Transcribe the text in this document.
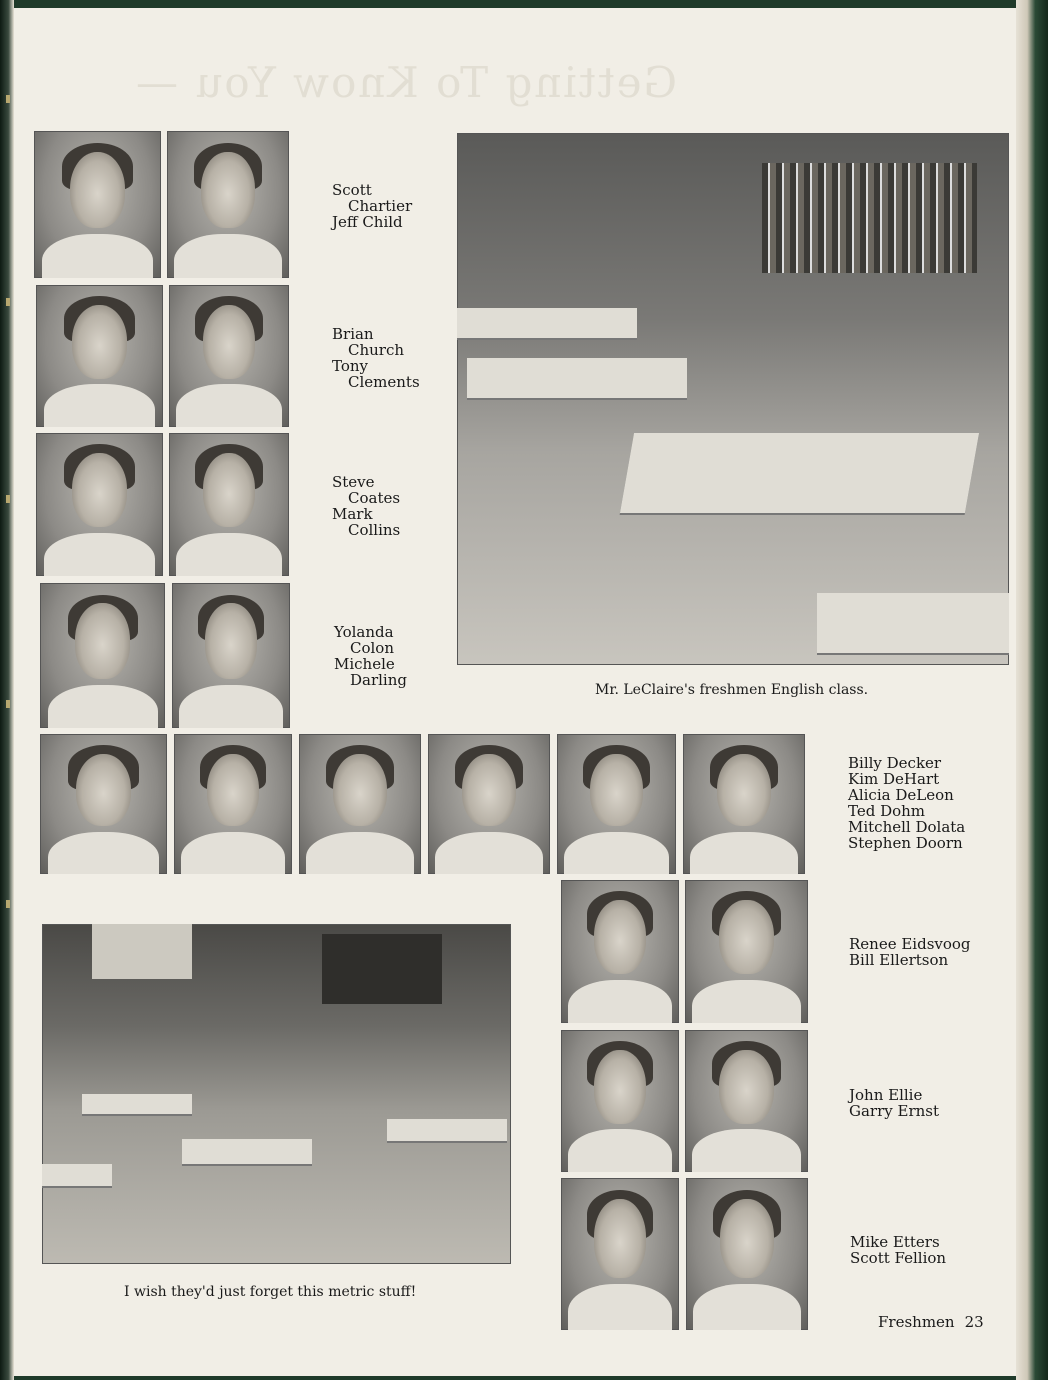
Getting To Know You —
Scott
Chartier
Jeff Child
Brian
Church
Tony
Clements
Steve
Coates
Mark
Collins
Yolanda
Colon
Michele
Darling
Mr. LeClaire's freshmen English class.
Billy Decker
Kim DeHart
Alicia DeLeon
Ted Dohm
Mitchell Dolata
Stephen Doorn
I wish they'd just forget this metric stuff!
Renee Eidsvoog
Bill Ellertson
John Ellie
Garry Ernst
Mike Etters
Scott Fellion
Freshmen 23
